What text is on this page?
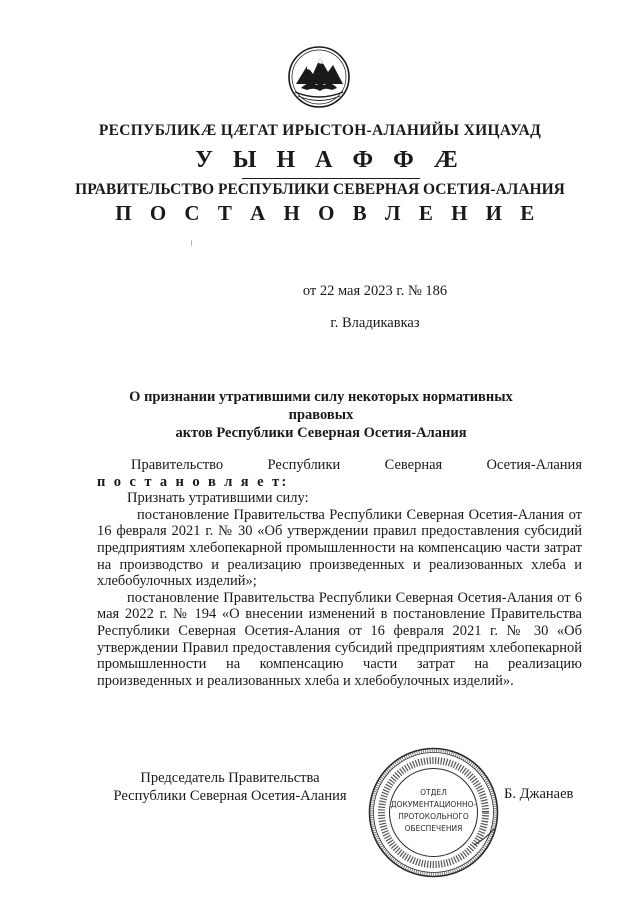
РЕСПУБЛИКӔ ЦӔГАТ ИРЫСТОН-АЛАНИЙЫ ХИЦАУАД
У Ы Н А Ф Ф Ӕ
ПРАВИТЕЛЬСТВО РЕСПУБЛИКИ СЕВЕРНАЯ ОСЕТИЯ-АЛАНИЯ
П О С Т А Н О В Л Е Н И Е
от 22 мая 2023 г. № 186
г. Владикавказ
О признании утратившими силу некоторых нормативных правовых
актов Республики Северная Осетия-Алания

Правительство Республики Северная Осетия-Алания

п о с т а н о в л я е т:

Признать утратившими силу:

постановление Правительства Республики Северная Осетия-Алания от 16 февраля 2021 г. № 30 «Об утверждении правил предоставления субсидий предприятиям хлебопекарной промышленности на компенсацию части затрат на производство и реализацию произведенных и реализованных хлеба и хлебобулочных изделий»;

постановление Правительства Республики Северная Осетия-Алания от 6 мая 2022 г. № 194 «О внесении изменений в постановление Правительства Республики Северная Осетия-Алания от 16 февраля 2021 г. № 30 «Об утверждении Правил предоставления субсидий предприятиям хлебопекарной промышленности на компенсацию части затрат на реализацию произведенных и реализованных хлеба и хлебобулочных изделий».

Председатель Правительства
Республики Северная Осетия-Алания	ОТДЕЛ
ДОКУМЕНТАЦИОННО-
ПРОТОКОЛЬНОГО
ОБЕСПЕЧЕНИЯ
Б. Джанаев
